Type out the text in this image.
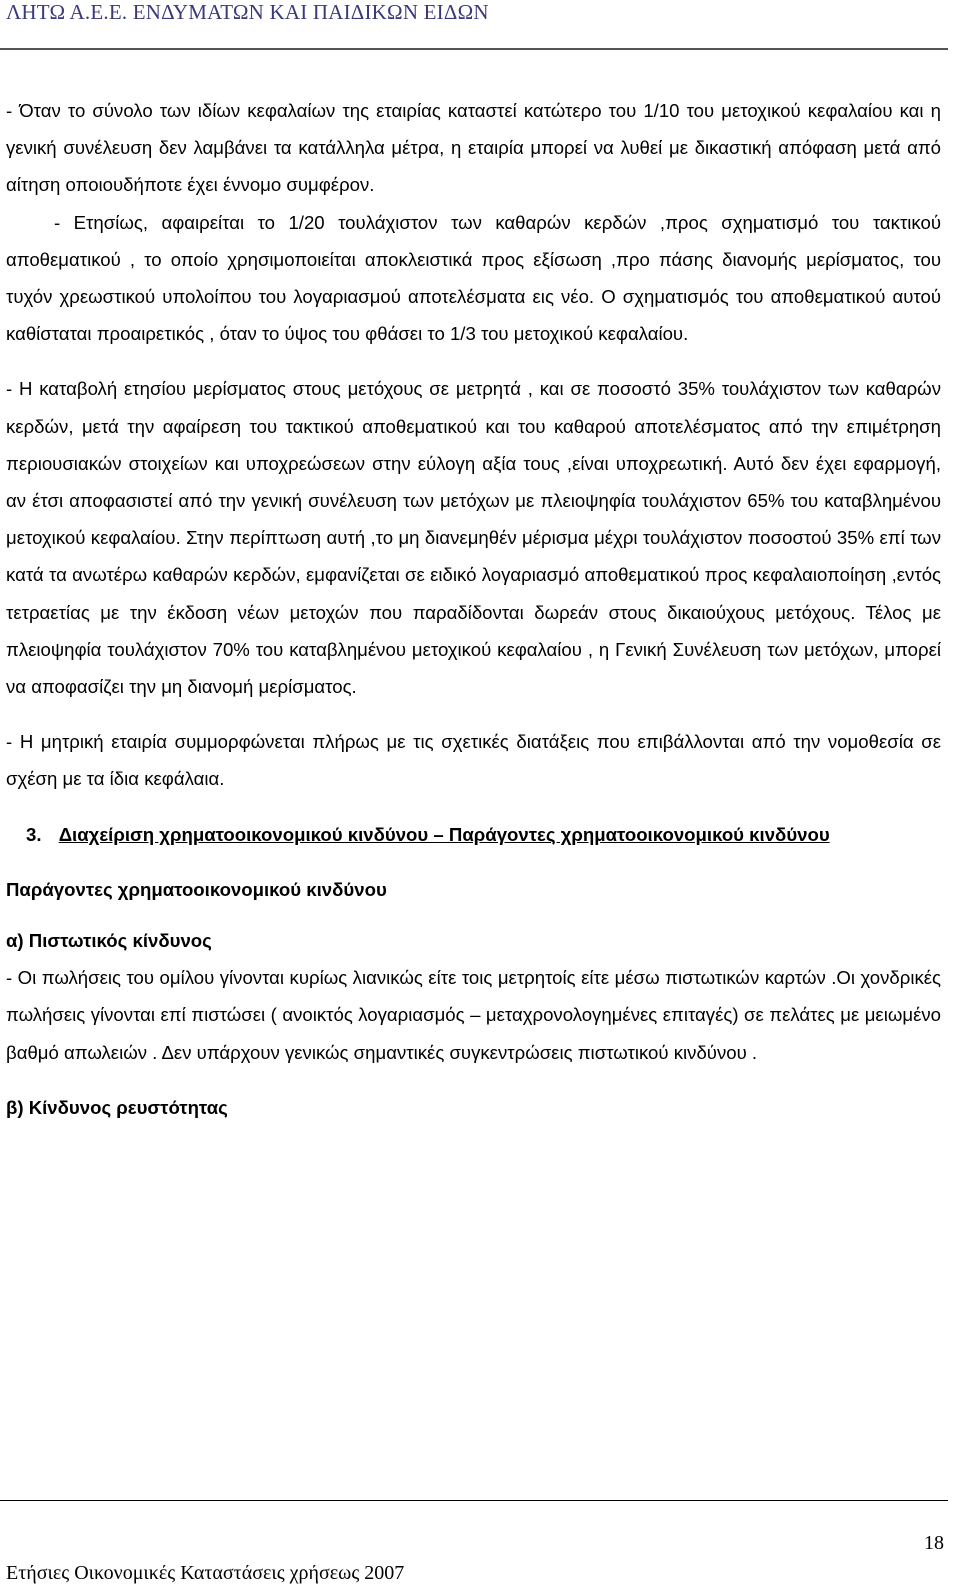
ΛΗΤΩ Α.Ε.Ε. ΕΝΔΥΜΑΤΩΝ ΚΑΙ ΠΑΙΔΙΚΩΝ ΕΙΔΩΝ

- Όταν το σύνολο των ιδίων κεφαλαίων της εταιρίας καταστεί κατώτερο του 1/10 του μετοχικού κεφαλαίου και η γενική συνέλευση δεν λαμβάνει τα κατάλληλα μέτρα, η εταιρία μπορεί να λυθεί με δικαστική απόφαση μετά από αίτηση οποιουδήποτε έχει έννομο συμφέρον.

- Ετησίως, αφαιρείται το 1/20 τουλάχιστον των καθαρών κερδών ,προς σχηματισμό του τακτικού αποθεματικού , το οποίο χρησιμοποιείται αποκλειστικά προς εξίσωση ,προ πάσης διανομής μερίσματος, του τυχόν χρεωστικού υπολοίπου του λογαριασμού αποτελέσματα εις νέο. Ο σχηματισμός του αποθεματικού αυτού καθίσταται προαιρετικός , όταν το ύψος του φθάσει το 1/3 του μετοχικού κεφαλαίου.

- Η καταβολή ετησίου μερίσματος στους μετόχους σε μετρητά , και σε ποσοστό 35% τουλάχιστον των καθαρών κερδών, μετά την αφαίρεση του τακτικού αποθεματικού και του καθαρού αποτελέσματος από την επιμέτρηση περιουσιακών στοιχείων και υποχρεώσεων στην εύλογη αξία τους ,είναι υποχρεωτική. Αυτό δεν έχει εφαρμογή, αν έτσι αποφασιστεί από την γενική συνέλευση των μετόχων με πλειοψηφία τουλάχιστον 65% του καταβλημένου μετοχικού κεφαλαίου. Στην περίπτωση αυτή ,το μη διανεμηθέν μέρισμα μέχρι τουλάχιστον ποσοστού 35% επί των κατά τα ανωτέρω καθαρών κερδών, εμφανίζεται σε ειδικό λογαριασμό αποθεματικού προς κεφαλαιοποίηση ,εντός τετραετίας με την έκδοση νέων μετοχών που παραδίδονται δωρεάν στους δικαιούχους μετόχους. Τέλος με πλειοψηφία τουλάχιστον 70% του καταβλημένου μετοχικού κεφαλαίου , η Γενική Συνέλευση των μετόχων, μπορεί να αποφασίζει την μη διανομή μερίσματος.

- Η μητρική εταιρία συμμορφώνεται πλήρως με τις σχετικές διατάξεις που επιβάλλονται από την νομοθεσία σε σχέση με τα ίδια κεφάλαια.

3. Διαχείριση χρηματοοικονομικού κινδύνου – Παράγοντες χρηματοοικονομικού κινδύνου

Παράγοντες χρηματοοικονομικού κινδύνου

α) Πιστωτικός κίνδυνος

- Οι πωλήσεις του ομίλου γίνονται κυρίως λιανικώς είτε τοις μετρητοίς είτε μέσω πιστωτικών καρτών .Οι χονδρικές πωλήσεις γίνονται επί πιστώσει ( ανοικτός λογαριασμός – μεταχρονολογημένες επιταγές) σε πελάτες με μειωμένο βαθμό απωλειών . Δεν υπάρχουν γενικώς σημαντικές συγκεντρώσεις πιστωτικού κινδύνου .

β) Κίνδυνος ρευστότητας

18
Ετήσιες Οικονομικές Καταστάσεις χρήσεως 2007
